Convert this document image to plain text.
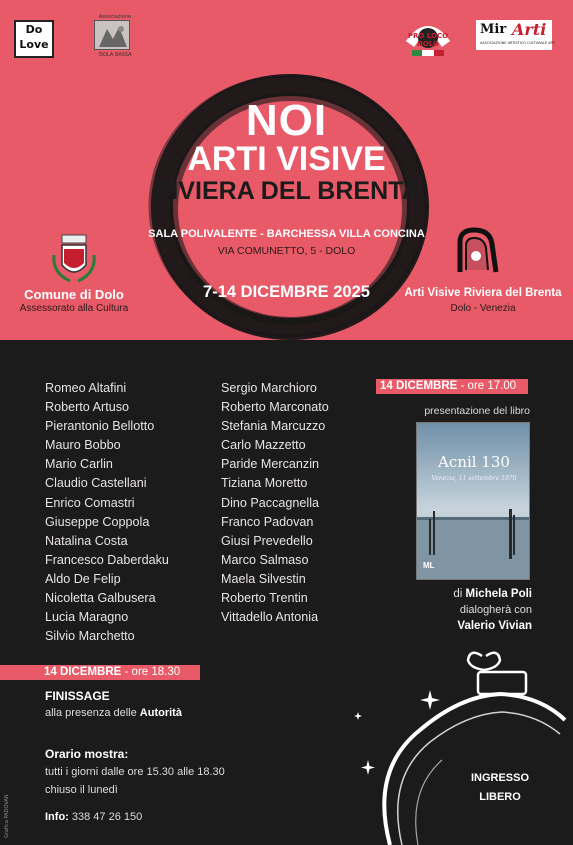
Do
Love
Associazione
ISOLA BASSA
PRO LOCO DOLO
Mir Arti
ASSOCIAZIONE ARTISTICO CULTURALE APS
NOI
ARTI VISIVE
RIVIERA DEL BRENTA
SALA POLIVALENTE - BARCHESSA VILLA CONCINA
VIA COMUNETTO, 5 - DOLO
7-14 DICEMBRE 2025
Comune di Dolo
Assessorato alla Cultura
Arti Visive Riviera del Brenta
Dolo - Venezia
Romeo Altafini
Roberto Artuso
Pierantonio Bellotto
Mauro Bobbo
Mario Carlin
Claudio Castellani
Enrico Comastri
Giuseppe Coppola
Natalina Costa
Francesco Daberdaku
Aldo De Felip
Nicoletta Galbusera
Lucia Maragno
Silvio Marchetto
Sergio Marchioro
Roberto Marconato
Stefania Marcuzzo
Carlo Mazzetto
Paride Mercanzin
Tiziana Moretto
Dino Paccagnella
Franco Padovan
Giusi Prevedello
Marco Salmaso
Maela Silvestin
Roberto Trentin
Vittadello Antonia
14 DICEMBRE - ore 17.00
presentazione del libro
Acnil 130
Venezia, 11 settembre 1970
ML
di Michela Poli
dialogherà con
Valerio Vivian
14 DICEMBRE - ore 18.30
FINISSAGE
alla presenza delle Autorità
Orario mostra:
tutti i giorni dalle ore 15.30 alle 18.30
chiuso il lunedì
Info: 338 47 26 150
INGRESSO
LIBERO
Grafica PADOVAN
